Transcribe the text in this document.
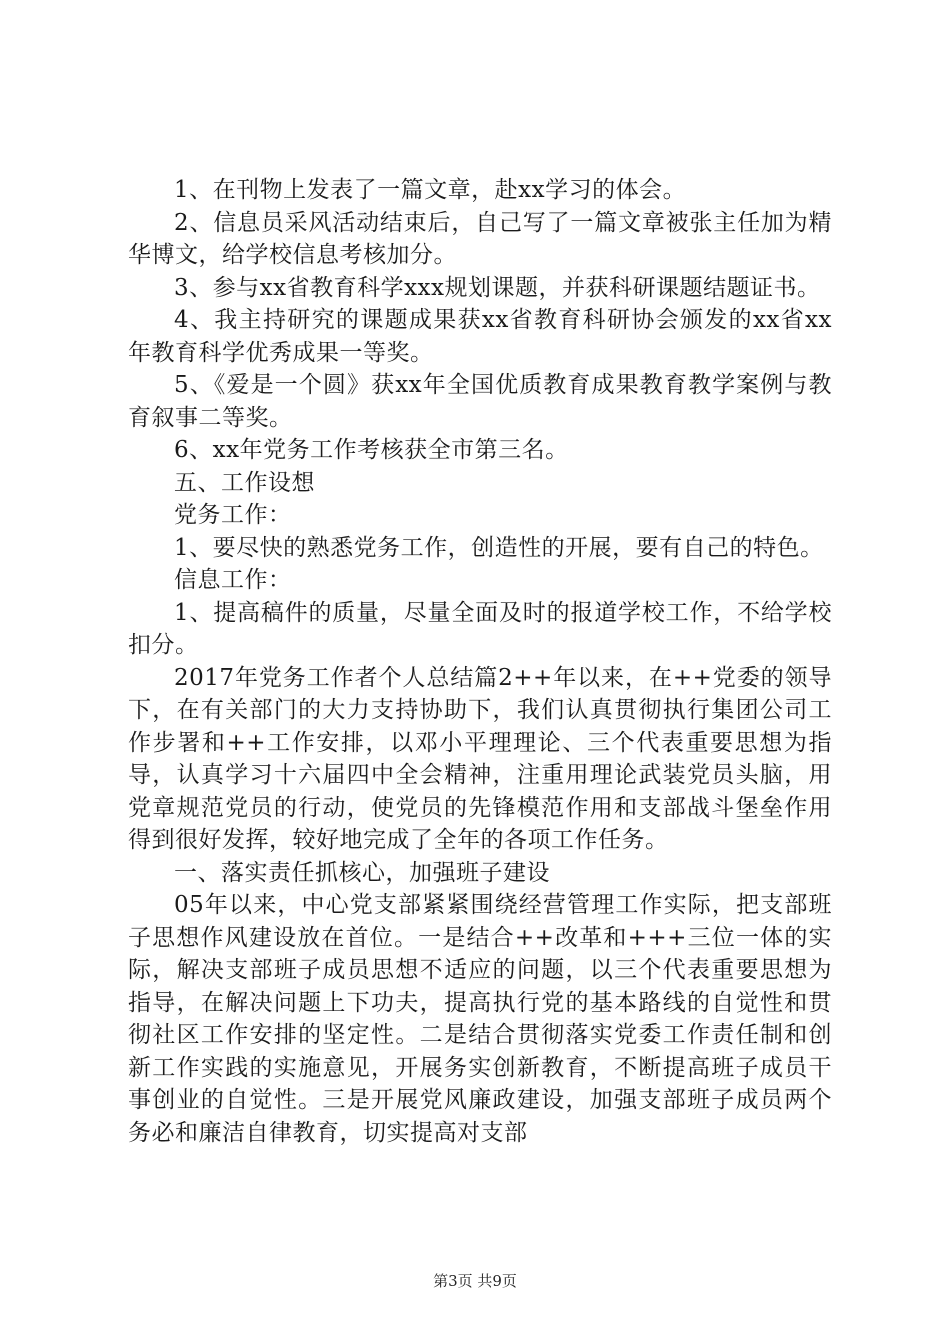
1、在刊物上发表了一篇文章，赴xx学习的体会。

2、信息员采风活动结束后，自己写了一篇文章被张主任加为精华博文，给学校信息考核加分。

3、参与xx省教育科学xxx规划课题，并获科研课题结题证书。

4、我主持研究的课题成果获xx省教育科研协会颁发的xx省xx年教育科学优秀成果一等奖。

5、《爱是一个圆》获xx年全国优质教育成果教育教学案例与教育叙事二等奖。

6、xx年党务工作考核获全市第三名。

五、工作设想

党务工作：

1、要尽快的熟悉党务工作，创造性的开展，要有自己的特色。

信息工作：

1、提高稿件的质量，尽量全面及时的报道学校工作，不给学校扣分。

2017年党务工作者个人总结篇2++年以来，在++党委的领导下，在有关部门的大力支持协助下，我们认真贯彻执行集团公司工作步署和++工作安排，以邓小平理理论、三个代表重要思想为指导，认真学习十六届四中全会精神，注重用理论武装党员头脑，用党章规范党员的行动，使党员的先锋模范作用和支部战斗堡垒作用得到很好发挥，较好地完成了全年的各项工作任务。

一、落实责任抓核心，加强班子建设

05年以来，中心党支部紧紧围绕经营管理工作实际，把支部班子思想作风建设放在首位。一是结合++改革和+++三位一体的实际，解决支部班子成员思想不适应的问题，以三个代表重要思想为指导，在解决问题上下功夫，提高执行党的基本路线的自觉性和贯彻社区工作安排的坚定性。二是结合贯彻落实党委工作责任制和创新工作实践的实施意见，开展务实创新教育，不断提高班子成员干事创业的自觉性。三是开展党风廉政建设，加强支部班子成员两个务必和廉洁自律教育，切实提高对支部

第3页 共9页
